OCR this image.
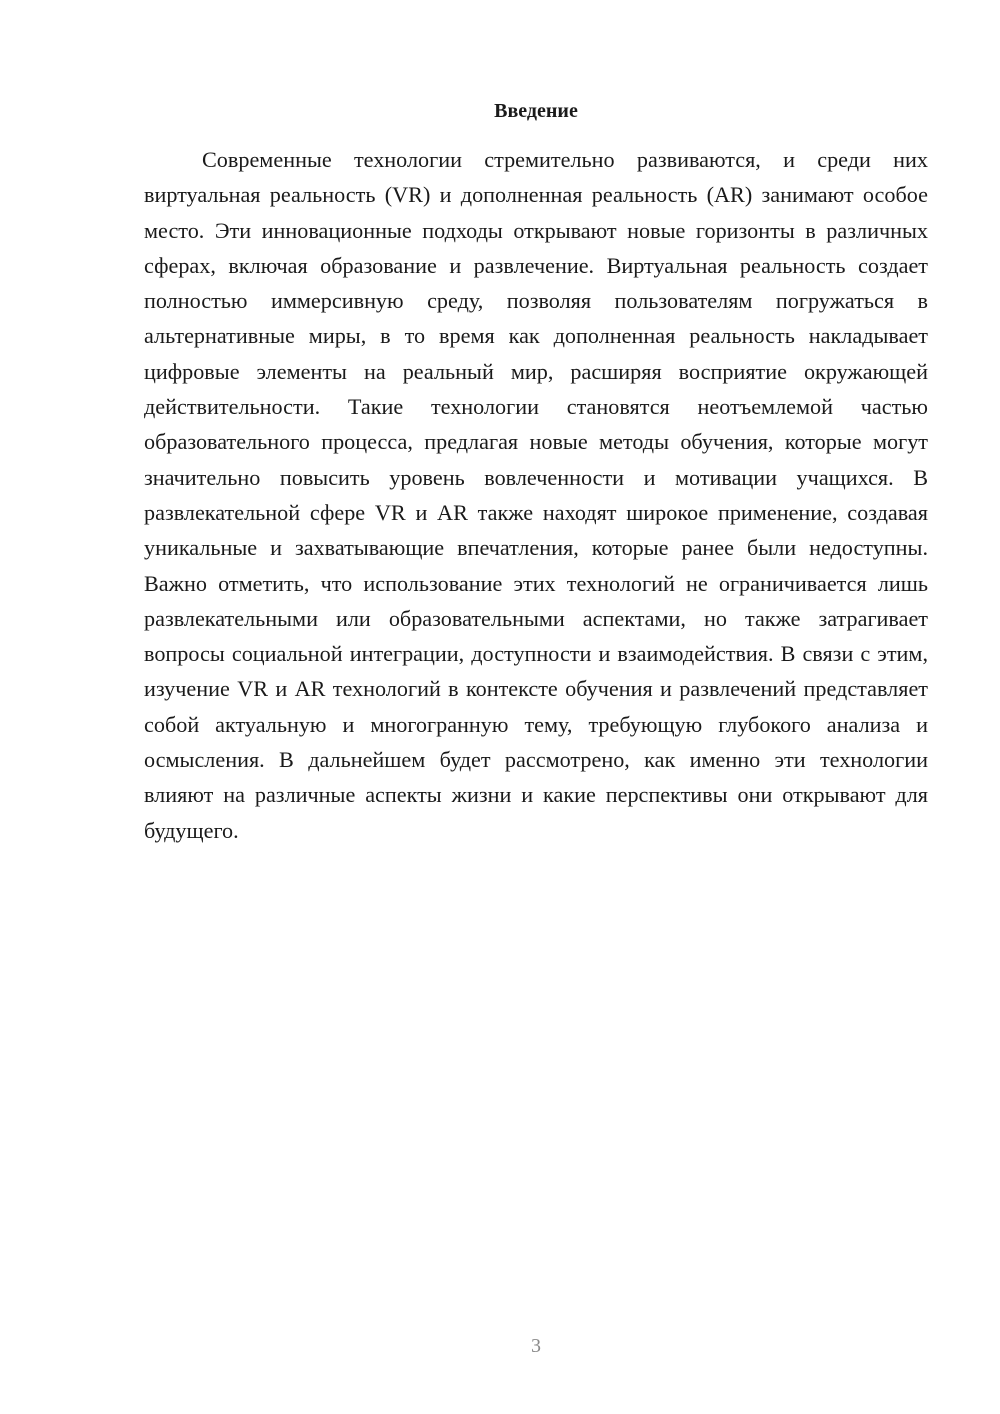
Введение

Современные технологии стремительно развиваются, и среди них виртуальная реальность (VR) и дополненная реальность (AR) занимают особое место. Эти инновационные подходы открывают новые горизонты в различных сферах, включая образование и развлечение. Виртуальная реальность создает полностью иммерсивную среду, позволяя пользователям погружаться в альтернативные миры, в то время как дополненная реальность накладывает цифровые элементы на реальный мир, расширяя восприятие окружающей действительности. Такие технологии становятся неотъемлемой частью образовательного процесса, предлагая новые методы обучения, которые могут значительно повысить уровень вовлеченности и мотивации учащихся. В развлекательной сфере VR и AR также находят широкое применение, создавая уникальные и захватывающие впечатления, которые ранее были недоступны. Важно отметить, что использование этих технологий не ограничивается лишь развлекательными или образовательными аспектами, но также затрагивает вопросы социальной интеграции, доступности и взаимодействия. В связи с этим, изучение VR и AR технологий в контексте обучения и развлечений представляет собой актуальную и многогранную тему, требующую глубокого анализа и осмысления. В дальнейшем будет рассмотрено, как именно эти технологии влияют на различные аспекты жизни и какие перспективы они открывают для будущего.

3
